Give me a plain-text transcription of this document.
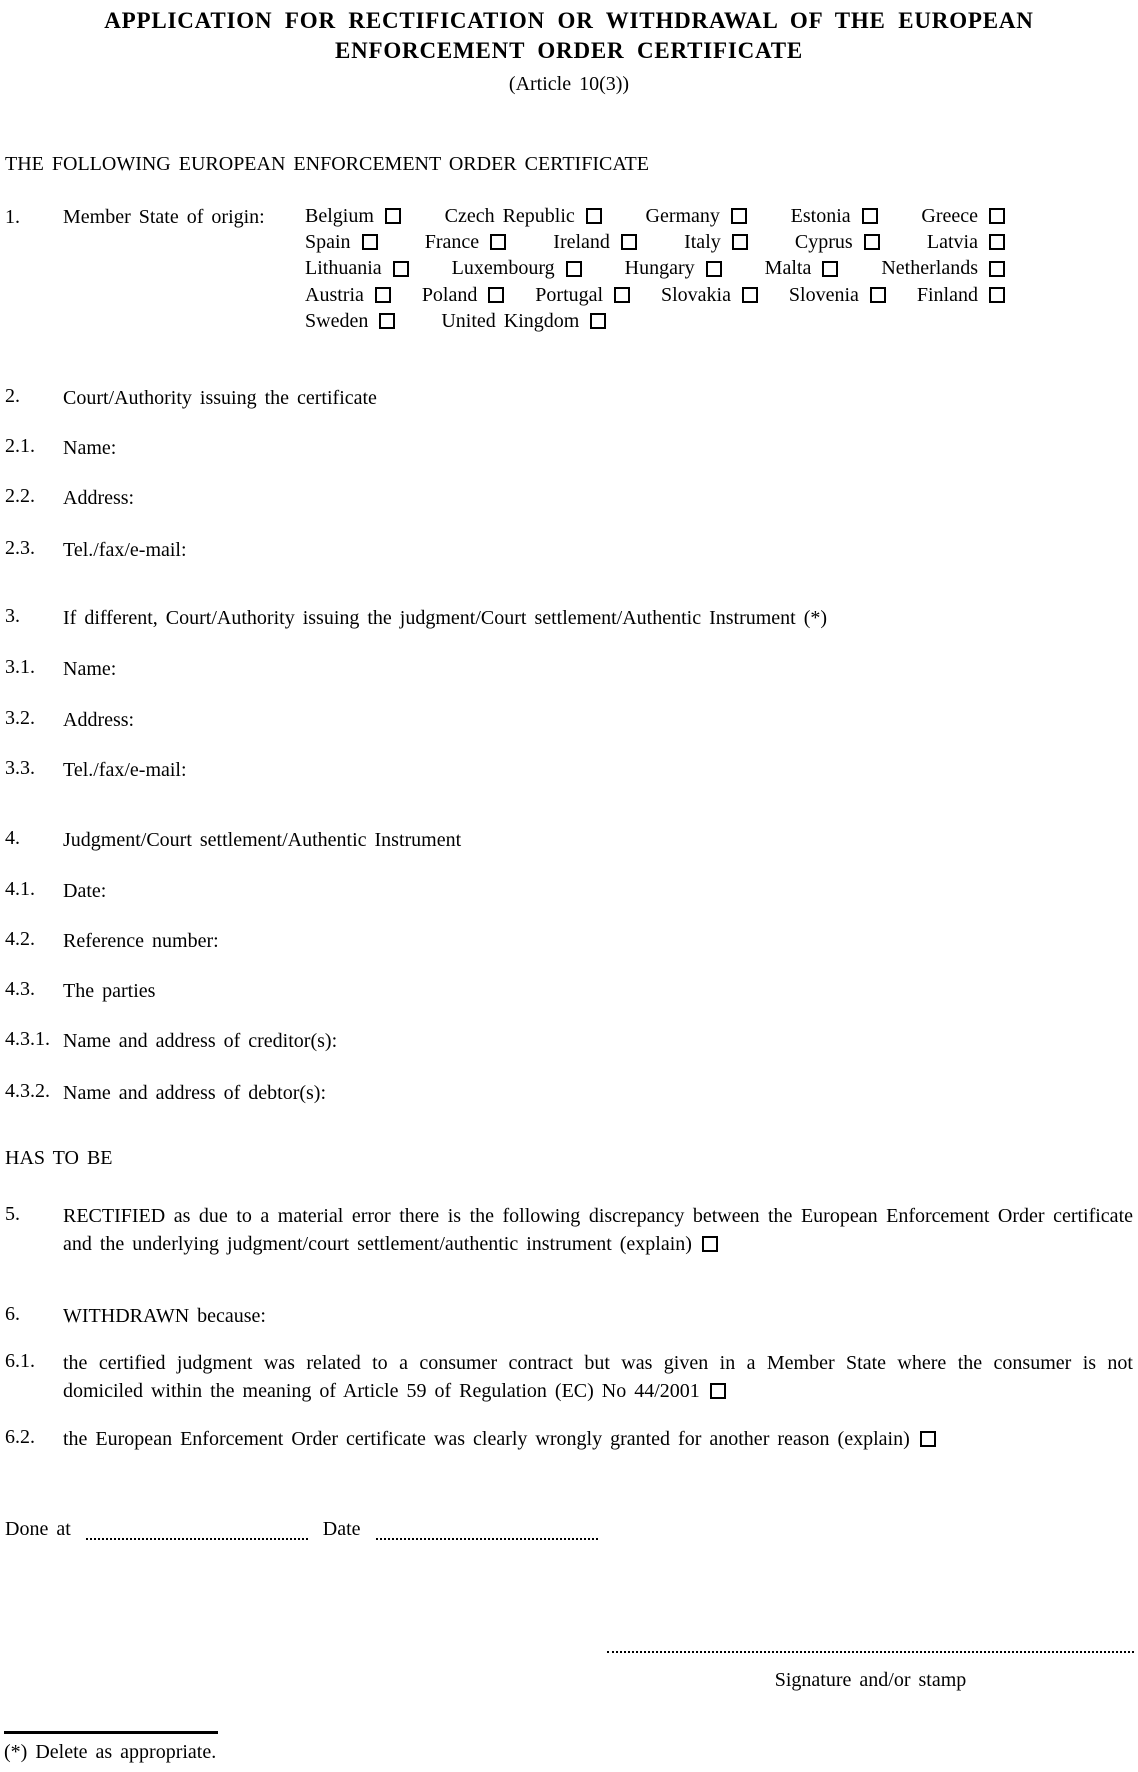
APPLICATION FOR RECTIFICATION OR WITHDRAWAL OF THE EUROPEAN ENFORCEMENT ORDER CERTIFICATE
(Article 10(3))
THE FOLLOWING EUROPEAN ENFORCEMENT ORDER CERTIFICATE
1. Member State of origin: Belgium	Czech Republic	Germany	Estonia	Greece
Spain	France	Ireland	Italy	Cyprus	Latvia
Lithuania	Luxembourg	Hungary	Malta	Netherlands
Austria	Poland	Portugal	Slovakia	Slovenia	Finland
Sweden	United Kingdom
2.	Court/Authority issuing the certificate
2.1.	Name:
2.2.	Address:
2.3.	Tel./fax/e-mail:
3.	If different, Court/Authority issuing the judgment/Court settlement/Authentic Instrument (*)
3.1.	Name:
3.2.	Address:
3.3.	Tel./fax/e-mail:
4.	Judgment/Court settlement/Authentic Instrument
4.1.	Date:
4.2.	Reference number:
4.3.	The parties
4.3.1. Name and address of creditor(s):
4.3.2. Name and address of debtor(s):
HAS TO BE
5.	RECTIFIED as due to a material error there is the following discrepancy between the European Enforcement Order certificate and the underlying judgment/court settlement/authentic instrument (explain)
6.	WITHDRAWN because:
6.1.	the certified judgment was related to a consumer contract but was given in a Member State where the consumer is not domiciled within the meaning of Article 59 of Regulation (EC) No 44/2001
6.2.	the European Enforcement Order certificate was clearly wrongly granted for another reason (explain)
Done at	Date
Signature and/or stamp
(*) Delete as appropriate.
